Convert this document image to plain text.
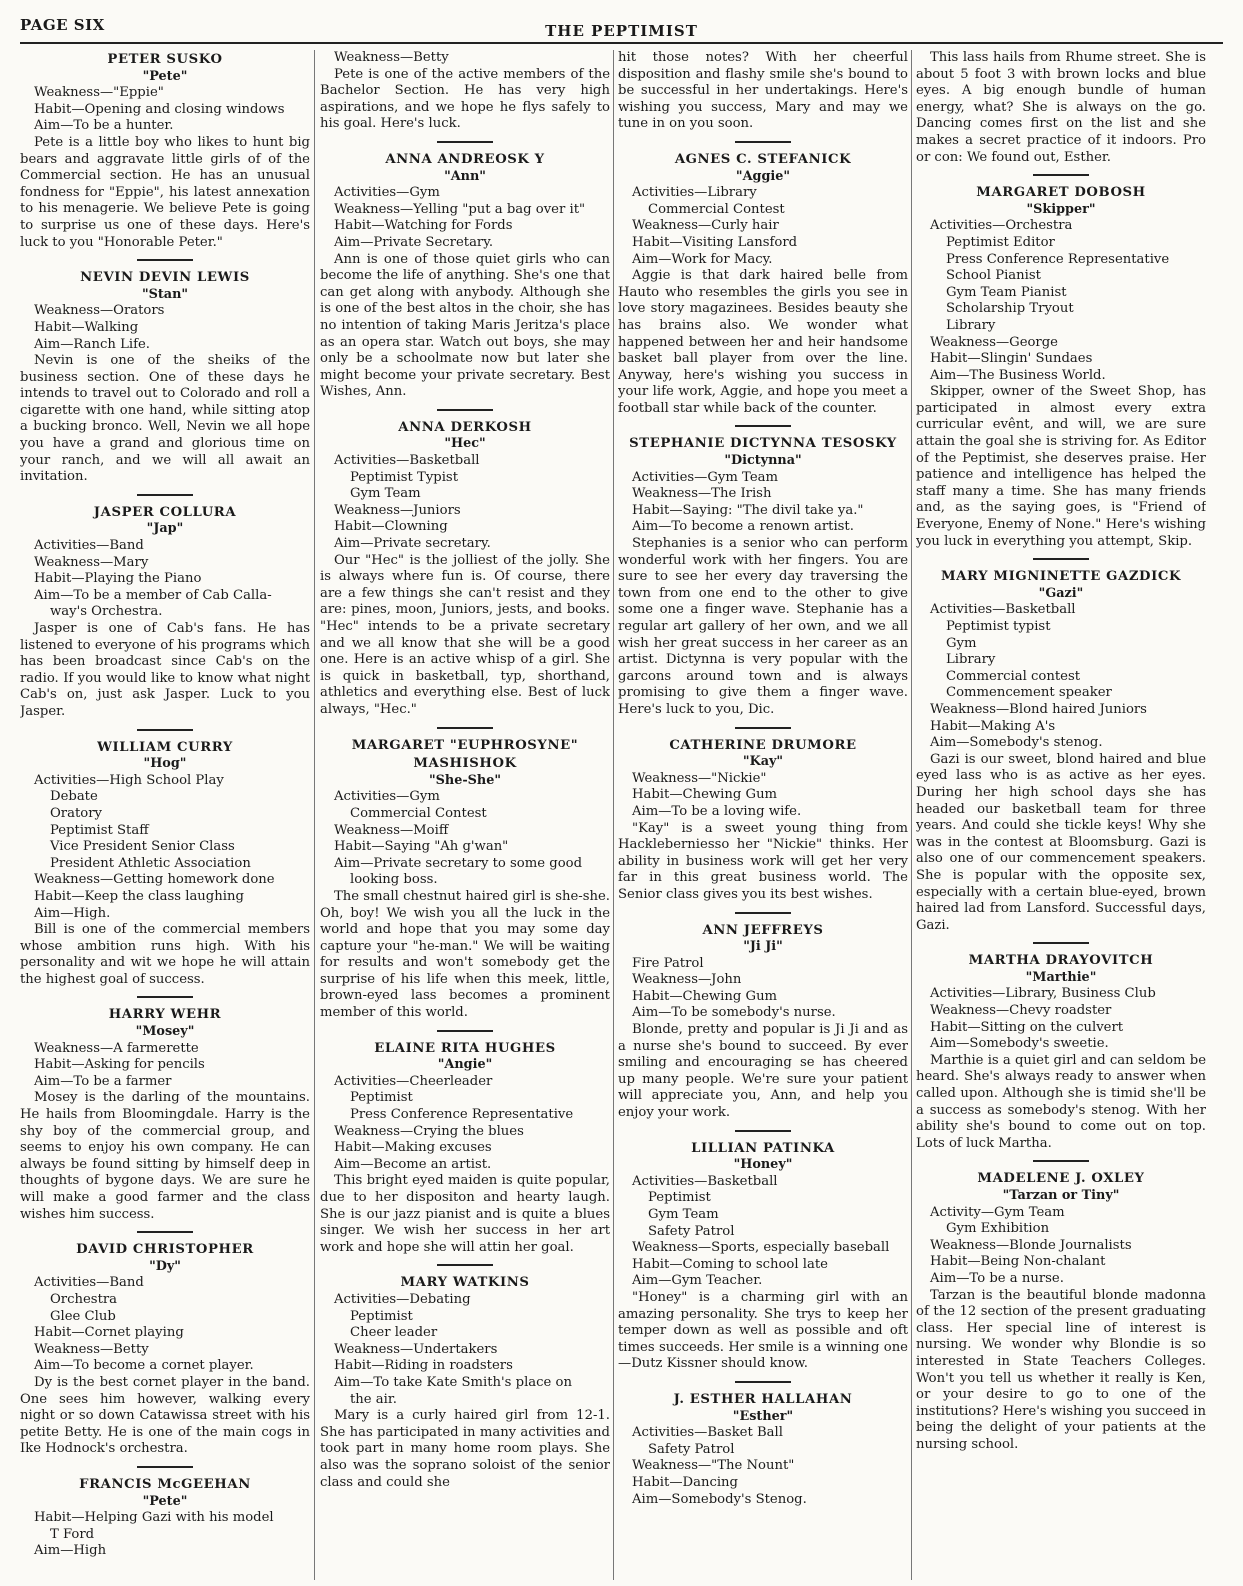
PAGE SIX	THE PEPTIMIST
PETER SUSKO
"Pete"
Weakness—"Eppie"
Habit—Opening and closing windows
Aim—To be a hunter.
Pete is a little boy who likes to hunt big bears and aggravate little girls of of the Commercial section. He has an unusual fondness for "Eppie", his latest annexation to his menagerie. We believe Pete is going to surprise us one of these days. Here's luck to you "Honorable Peter."
NEVIN DEVIN LEWIS
"Stan"
Weakness—Orators
Habit—Walking
Aim—Ranch Life.
Nevin is one of the sheiks of the business section. One of these days he intends to travel out to Colorado and roll a cigarette with one hand, while sitting atop a bucking bronco. Well, Nevin we all hope you have a grand and glorious time on your ranch, and we will all await an invitation.
JASPER COLLURA
"Jap"
Activities—Band
Weakness—Mary
Habit—Playing the Piano
Aim—To be a member of Cab Calla-
way's Orchestra.
Jasper is one of Cab's fans. He has listened to everyone of his programs which has been broadcast since Cab's on the radio. If you would like to know what night Cab's on, just ask Jasper. Luck to you Jasper.
WILLIAM CURRY
"Hog"
Activities—High School Play
Debate
Oratory
Peptimist Staff
Vice President Senior Class
President Athletic Association
Weakness—Getting homework done
Habit—Keep the class laughing
Aim—High.
Bill is one of the commercial members whose ambition runs high. With his personality and wit we hope he will attain the highest goal of success.
HARRY WEHR
"Mosey"
Weakness—A farmerette
Habit—Asking for pencils
Aim—To be a farmer
Mosey is the darling of the mountains. He hails from Bloomingdale. Harry is the shy boy of the commercial group, and seems to enjoy his own company. He can always be found sitting by himself deep in thoughts of bygone days. We are sure he will make a good farmer and the class wishes him success.
DAVID CHRISTOPHER
"Dy"
Activities—Band
Orchestra
Glee Club
Habit—Cornet playing
Weakness—Betty
Aim—To become a cornet player.
Dy is the best cornet player in the band. One sees him however, walking every night or so down Catawissa street with his petite Betty. He is one of the main cogs in Ike Hodnock's orchestra.
FRANCIS McGEEHAN
"Pete"
Habit—Helping Gazi with his model
T Ford
Aim—High
Weakness—Betty
Pete is one of the active members of the Bachelor Section. He has very high aspirations, and we hope he flys safely to his goal. Here's luck.
ANNA ANDREOSK Y
"Ann"
Activities—Gym
Weakness—Yelling "put a bag over it"
Habit—Watching for Fords
Aim—Private Secretary.
Ann is one of those quiet girls who can become the life of anything. She's one that can get along with anybody. Although she is one of the best altos in the choir, she has no intention of taking Maris Jeritza's place as an opera star. Watch out boys, she may only be a schoolmate now but later she might become your private secretary. Best Wishes, Ann.
ANNA DERKOSH
"Hec"
Activities—Basketball
Peptimist Typist
Gym Team
Weakness—Juniors
Habit—Clowning
Aim—Private secretary.
Our "Hec" is the jolliest of the jolly. She is always where fun is. Of course, there are a few things she can't resist and they are: pines, moon, Juniors, jests, and books. "Hec" intends to be a private secretary and we all know that she will be a good one. Here is an active whisp of a girl. She is quick in basketball, typ, shorthand, athletics and everything else. Best of luck always, "Hec."
MARGARET "EUPHROSYNE"
MASHISHOK
"She-She"
Activities—Gym
Commercial Contest
Weakness—Moiff
Habit—Saying "Ah g'wan"
Aim—Private secretary to some good
looking boss.
The small chestnut haired girl is she-she. Oh, boy! We wish you all the luck in the world and hope that you may some day capture your "he-man." We will be waiting for results and won't somebody get the surprise of his life when this meek, little, brown-eyed lass becomes a prominent member of this world.
ELAINE RITA HUGHES
"Angie"
Activities—Cheerleader
Peptimist
Press Conference Representative
Weakness—Crying the blues
Habit—Making excuses
Aim—Become an artist.
This bright eyed maiden is quite popular, due to her dispositon and hearty laugh. She is our jazz pianist and is quite a blues singer. We wish her success in her art work and hope she will attin her goal.
MARY WATKINS
Activities—Debating
Peptimist
Cheer leader
Weakness—Undertakers
Habit—Riding in roadsters
Aim—To take Kate Smith's place on
the air.
Mary is a curly haired girl from 12-1. She has participated in many activities and took part in many home room plays. She also was the soprano soloist of the senior class and could she
hit those notes? With her cheerful disposition and flashy smile she's bound to be successful in her undertakings. Here's wishing you success, Mary and may we tune in on you soon.
AGNES C. STEFANICK
"Aggie"
Activities—Library
Commercial Contest
Weakness—Curly hair
Habit—Visiting Lansford
Aim—Work for Macy.
Aggie is that dark haired belle from Hauto who resembles the girls you see in love story magazinees. Besides beauty she has brains also. We wonder what happened between her and heir handsome basket ball player from over the line. Anyway, here's wishing you success in your life work, Aggie, and hope you meet a football star while back of the counter.
STEPHANIE DICTYNNA TESOSKY
"Dictynna"
Activities—Gym Team
Weakness—The Irish
Habit—Saying: "The divil take ya."
Aim—To become a renown artist.
Stephanies is a senior who can perform wonderful work with her fingers. You are sure to see her every day traversing the town from one end to the other to give some one a finger wave. Stephanie has a regular art gallery of her own, and we all wish her great success in her career as an artist. Dictynna is very popular with the garcons around town and is always promising to give them a finger wave. Here's luck to you, Dic.
CATHERINE DRUMORE
"Kay"
Weakness—"Nickie"
Habit—Chewing Gum
Aim—To be a loving wife.
"Kay" is a sweet young thing from Hackleberniesso her "Nickie" thinks. Her ability in business work will get her very far in this great business world. The Senior class gives you its best wishes.
ANN JEFFREYS
"Ji Ji"
Fire Patrol
Weakness—John
Habit—Chewing Gum
Aim—To be somebody's nurse.
Blonde, pretty and popular is Ji Ji and as a nurse she's bound to succeed. By ever smiling and encouraging se has cheered up many people. We're sure your patient will appreciate you, Ann, and help you enjoy your work.
LILLIAN PATINKA
"Honey"
Activities—Basketball
Peptimist
Gym Team
Safety Patrol
Weakness—Sports, especially baseball
Habit—Coming to school late
Aim—Gym Teacher.
"Honey" is a charming girl with an amazing personality. She trys to keep her temper down as well as possible and oft times succeeds. Her smile is a winning one—Dutz Kissner should know.
J. ESTHER HALLAHAN
"Esther"
Activities—Basket Ball
Safety Patrol
Weakness—"The Nount"
Habit—Dancing
Aim—Somebody's Stenog.
This lass hails from Rhume street. She is about 5 foot 3 with brown locks and blue eyes. A big enough bundle of human energy, what? She is always on the go. Dancing comes first on the list and she makes a secret practice of it indoors. Pro or con: We found out, Esther.
MARGARET DOBOSH
"Skipper"
Activities—Orchestra
Peptimist Editor
Press Conference Representative
School Pianist
Gym Team Pianist
Scholarship Tryout
Library
Weakness—George
Habit—Slingin' Sundaes
Aim—The Business World.
Skipper, owner of the Sweet Shop, has participated in almost every extra curricular evênt, and will, we are sure attain the goal she is striving for. As Editor of the Peptimist, she deserves praise. Her patience and intelligence has helped the staff many a time. She has many friends and, as the saying goes, is "Friend of Everyone, Enemy of None." Here's wishing you luck in everything you attempt, Skip.
MARY MIGNINETTE GAZDICK
"Gazi"
Activities—Basketball
Peptimist typist
Gym
Library
Commercial contest
Commencement speaker
Weakness—Blond haired Juniors
Habit—Making A's
Aim—Somebody's stenog.
Gazi is our sweet, blond haired and blue eyed lass who is as active as her eyes. During her high school days she has headed our basketball team for three years. And could she tickle keys! Why she was in the contest at Bloomsburg. Gazi is also one of our commencement speakers. She is popular with the opposite sex, especially with a certain blue-eyed, brown haired lad from Lansford. Successful days, Gazi.
MARTHA DRAYOVITCH
"Marthie"
Activities—Library, Business Club
Weakness—Chevy roadster
Habit—Sitting on the culvert
Aim—Somebody's sweetie.
Marthie is a quiet girl and can seldom be heard. She's always ready to answer when called upon. Although she is timid she'll be a success as somebody's stenog. With her ability she's bound to come out on top. Lots of luck Martha.
MADELENE J. OXLEY
"Tarzan or Tiny"
Activity—Gym Team
Gym Exhibition
Weakness—Blonde Journalists
Habit—Being Non-chalant
Aim—To be a nurse.
Tarzan is the beautiful blonde madonna of the 12 section of the present graduating class. Her special line of interest is nursing. We wonder why Blondie is so interested in State Teachers Colleges. Won't you tell us whether it really is Ken, or your desire to go to one of the institutions? Here's wishing you succeed in being the delight of your patients at the nursing school.
